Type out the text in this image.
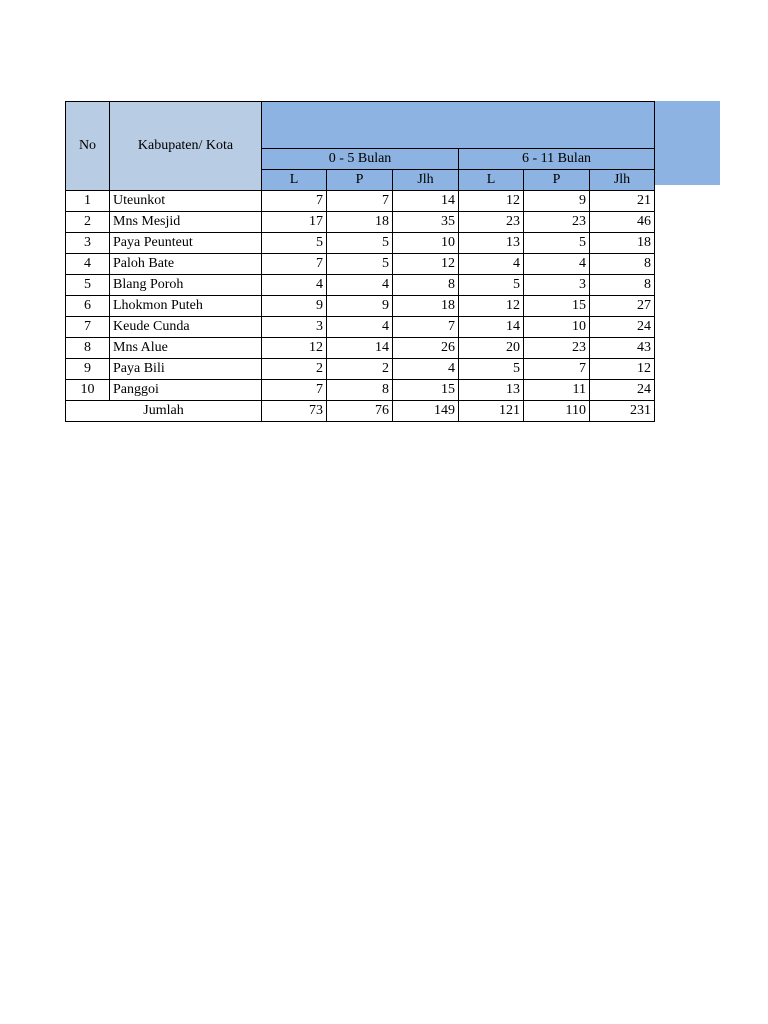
No	Kabupaten/ Kota						
		0 - 5 Bulan			6 - 11 Bulan		
		L	P	Jlh	L	P	Jlh
1	Uteunkot	7	7	14	12	9	21
2	Mns Mesjid	17	18	35	23	23	46
3	Paya Peunteut	5	5	10	13	5	18
4	Paloh Bate	7	5	12	4	4	8
5	Blang Poroh	4	4	8	5	3	8
6	Lhokmon Puteh	9	9	18	12	15	27
7	Keude Cunda	3	4	7	14	10	24
8	Mns Alue	12	14	26	20	23	43
9	Paya Bili	2	2	4	5	7	12
10	Panggoi	7	8	15	13	11	24
Jumlah		73	76	149	121	110	231
